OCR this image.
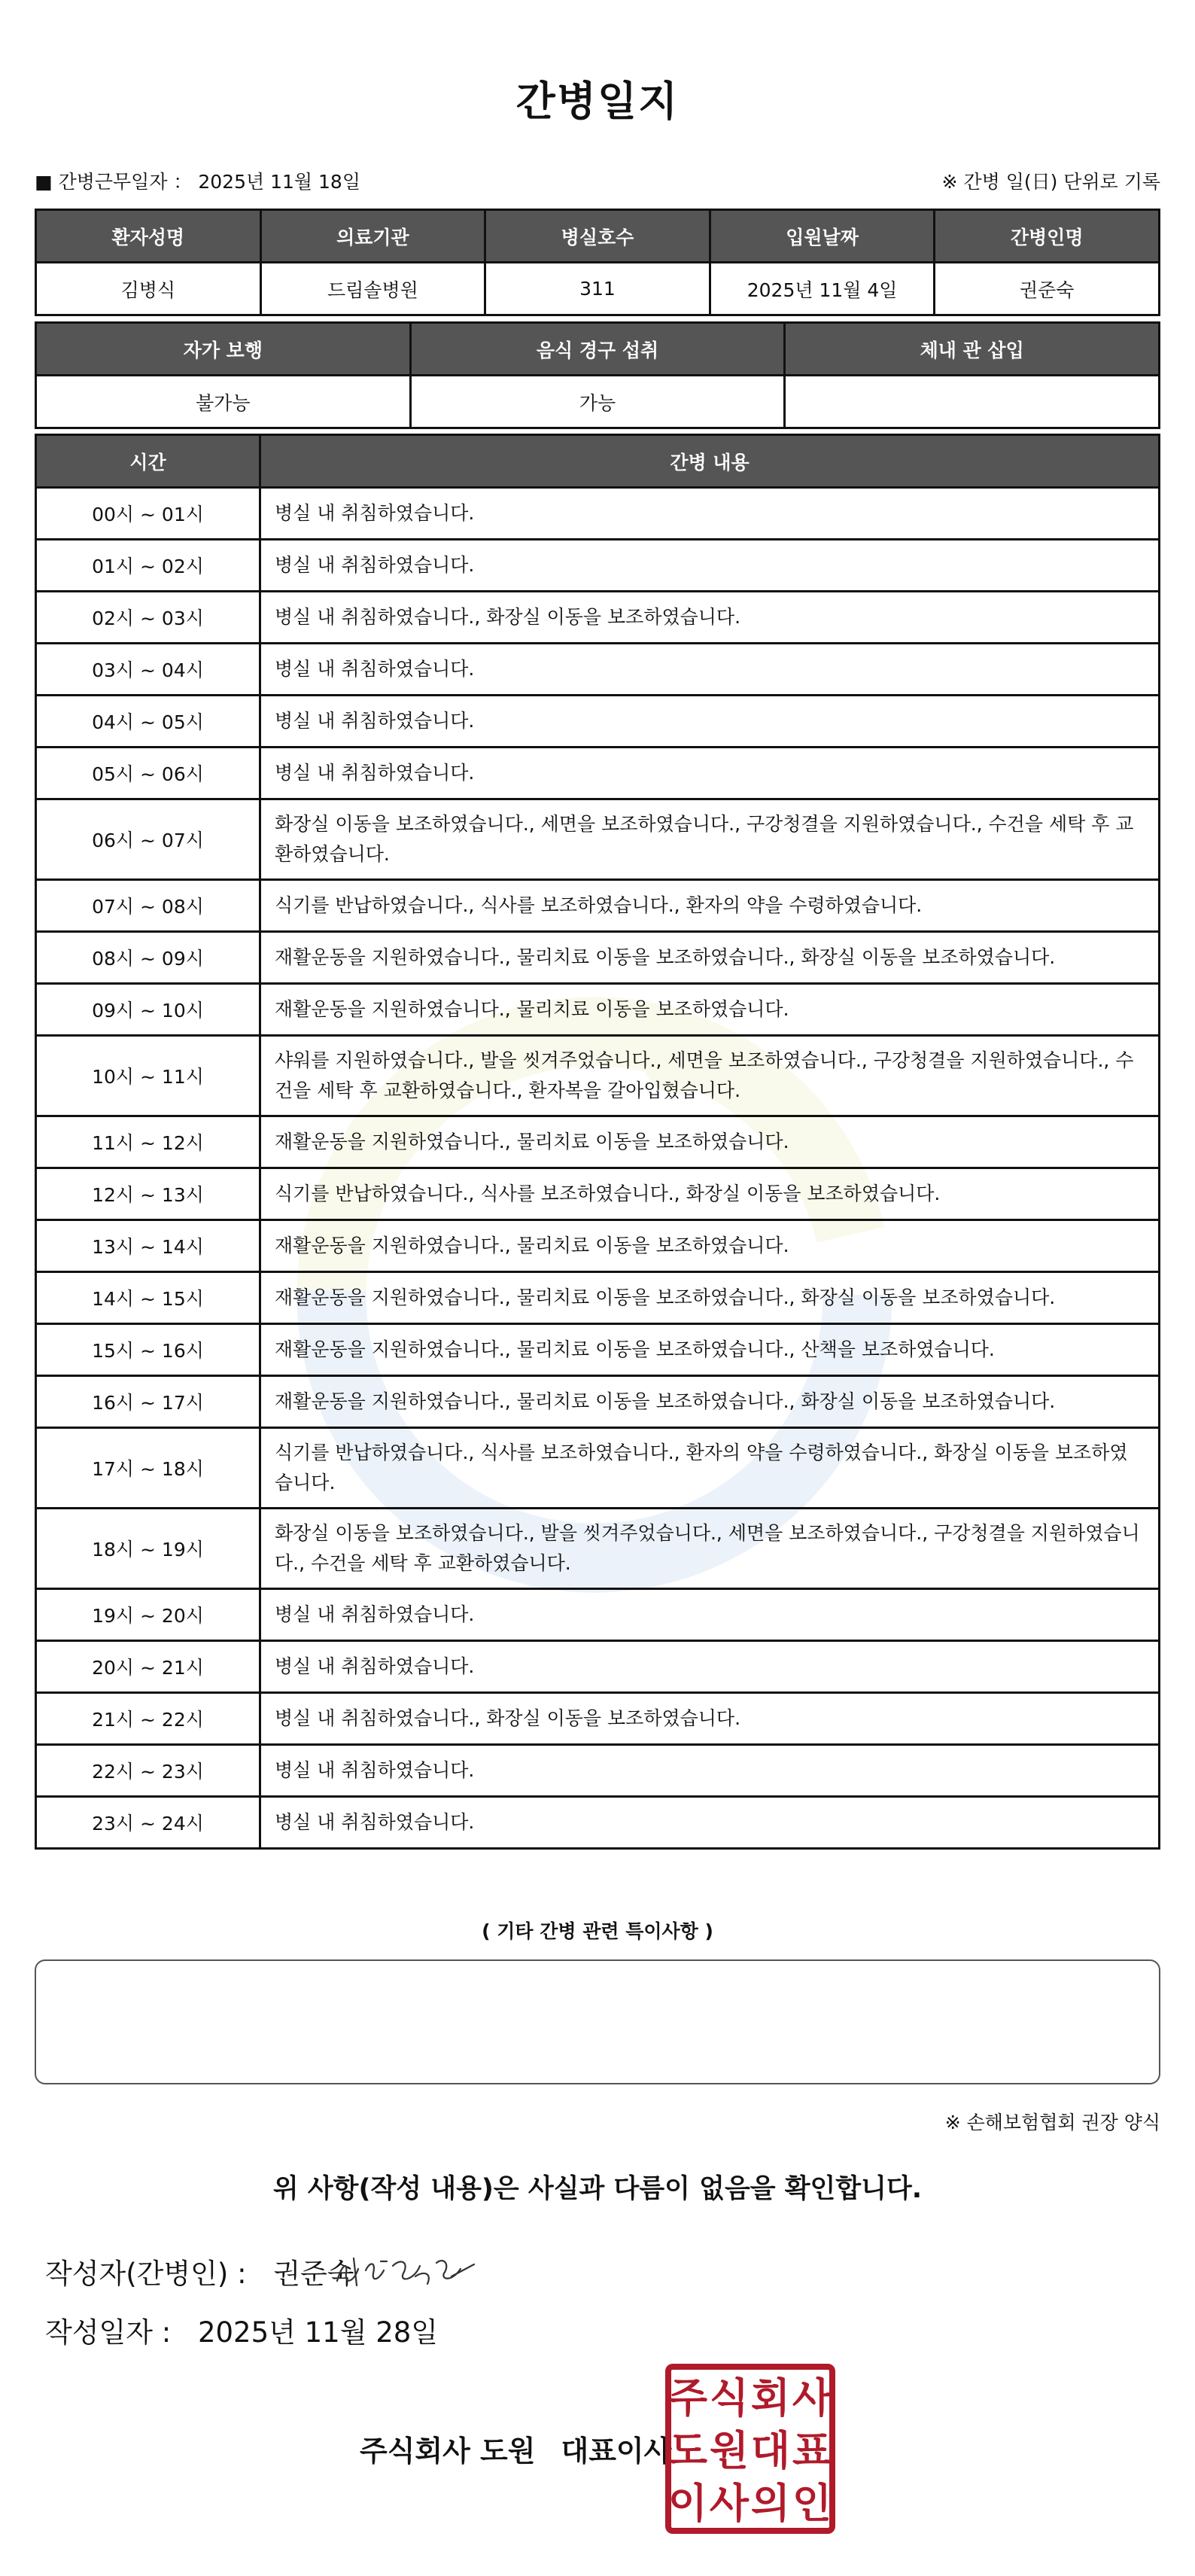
간병일지
■ 간병근무일자 ： 2025년 11월 18일	※ 간병 일(日) 단위로 기록
환자성명	의료기관	병실호수	입원날짜	간병인명
김병식	드림솔병원	311	2025년 11월 4일	권준숙
자가 보행	음식 경구 섭취	체내 관 삽입
불가능	가능	
시간	간병 내용
00시 ~ 01시	병실 내 취침하였습니다.
01시 ~ 02시	병실 내 취침하였습니다.
02시 ~ 03시	병실 내 취침하였습니다., 화장실 이동을 보조하였습니다.
03시 ~ 04시	병실 내 취침하였습니다.
04시 ~ 05시	병실 내 취침하였습니다.
05시 ~ 06시	병실 내 취침하였습니다.
06시 ~ 07시	화장실 이동을 보조하였습니다., 세면을 보조하였습니다., 구강청결을 지원하였습니다., 수건을 세탁 후 교환하였습니다.
07시 ~ 08시	식기를 반납하였습니다., 식사를 보조하였습니다., 환자의 약을 수령하였습니다.
08시 ~ 09시	재활운동을 지원하였습니다., 물리치료 이동을 보조하였습니다., 화장실 이동을 보조하였습니다.
09시 ~ 10시	재활운동을 지원하였습니다., 물리치료 이동을 보조하였습니다.
10시 ~ 11시	샤워를 지원하였습니다., 발을 씻겨주었습니다., 세면을 보조하였습니다., 구강청결을 지원하였습니다., 수건을 세탁 후 교환하였습니다., 환자복을 갈아입혔습니다.
11시 ~ 12시	재활운동을 지원하였습니다., 물리치료 이동을 보조하였습니다.
12시 ~ 13시	식기를 반납하였습니다., 식사를 보조하였습니다., 화장실 이동을 보조하였습니다.
13시 ~ 14시	재활운동을 지원하였습니다., 물리치료 이동을 보조하였습니다.
14시 ~ 15시	재활운동을 지원하였습니다., 물리치료 이동을 보조하였습니다., 화장실 이동을 보조하였습니다.
15시 ~ 16시	재활운동을 지원하였습니다., 물리치료 이동을 보조하였습니다., 산책을 보조하였습니다.
16시 ~ 17시	재활운동을 지원하였습니다., 물리치료 이동을 보조하였습니다., 화장실 이동을 보조하였습니다.
17시 ~ 18시	식기를 반납하였습니다., 식사를 보조하였습니다., 환자의 약을 수령하였습니다., 화장실 이동을 보조하였습니다.
18시 ~ 19시	화장실 이동을 보조하였습니다., 발을 씻겨주었습니다., 세면을 보조하였습니다., 구강청결을 지원하였습니다., 수건을 세탁 후 교환하였습니다.
19시 ~ 20시	병실 내 취침하였습니다.
20시 ~ 21시	병실 내 취침하였습니다.
21시 ~ 22시	병실 내 취침하였습니다., 화장실 이동을 보조하였습니다.
22시 ~ 23시	병실 내 취침하였습니다.
23시 ~ 24시	병실 내 취침하였습니다.
( 기타 간병 관련 특이사항 )
※ 손해보험협회 권장 양식
위 사항(작성 내용)은 사실과 다름이 없음을 확인합니다.
작성자(간병인) : 권준숙
작성일자 : 2025년 11월 28일
주식회사 도원 대표이사
주 식 회 사
도 원 대 표
이 사 의 인
